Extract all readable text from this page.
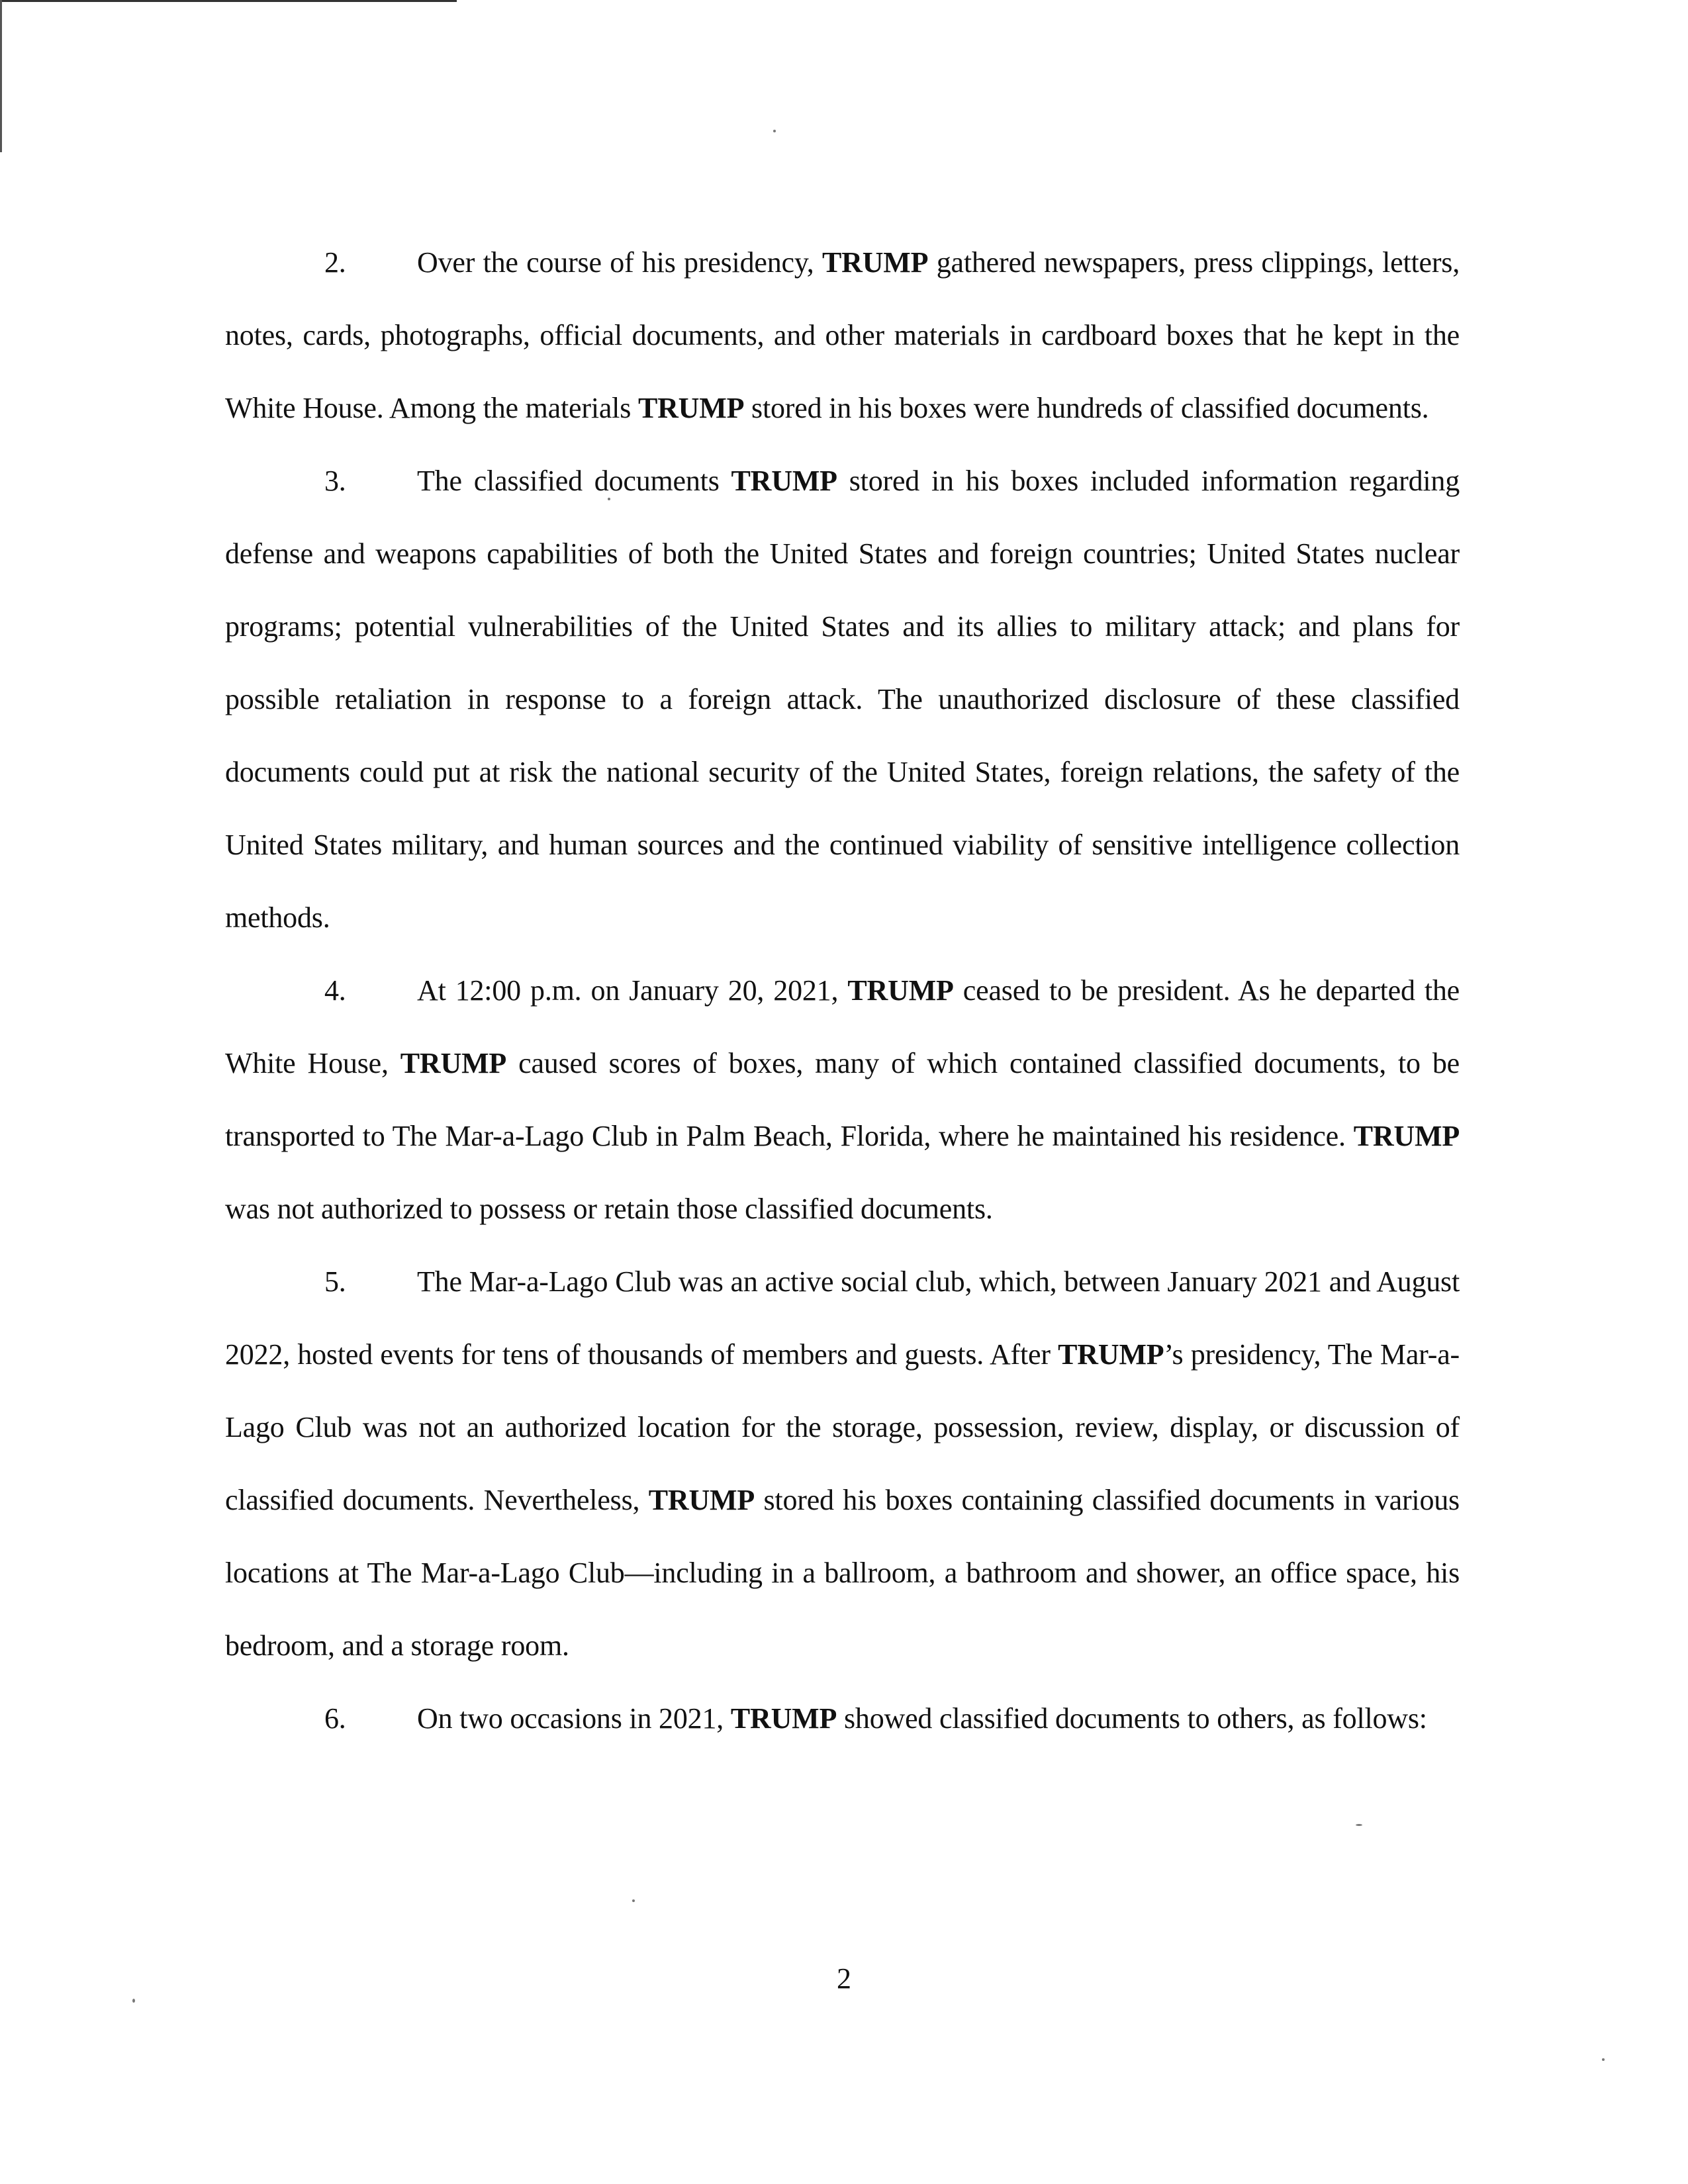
2. Over the course of his presidency, TRUMP gathered newspapers, press clippings, letters, notes, cards, photographs, official documents, and other materials in cardboard boxes that he kept in the White House. Among the materials TRUMP stored in his boxes were hundreds of classified documents.

3. The classified documents TRUMP stored in his boxes included information regarding defense and weapons capabilities of both the United States and foreign countries; United States nuclear programs; potential vulnerabilities of the United States and its allies to military attack; and plans for possible retaliation in response to a foreign attack. The unauthorized disclosure of these classified documents could put at risk the national security of the United States, foreign relations, the safety of the United States military, and human sources and the continued viability of sensitive intelligence collection methods.

4. At 12:00 p.m. on January 20, 2021, TRUMP ceased to be president. As he departed the White House, TRUMP caused scores of boxes, many of which contained classified documents, to be transported to The Mar-a-Lago Club in Palm Beach, Florida, where he maintained his residence. TRUMP was not authorized to possess or retain those classified documents.

5. The Mar-a-Lago Club was an active social club, which, between January 2021 and August 2022, hosted events for tens of thousands of members and guests. After TRUMP’s presidency, The Mar-a-Lago Club was not an authorized location for the storage, possession, review, display, or discussion of classified documents. Nevertheless, TRUMP stored his boxes containing classified documents in various locations at The Mar-a-Lago Club—including in a ballroom, a bathroom and shower, an office space, his bedroom, and a storage room.

6. On two occasions in 2021, TRUMP showed classified documents to others, as follows:

2
